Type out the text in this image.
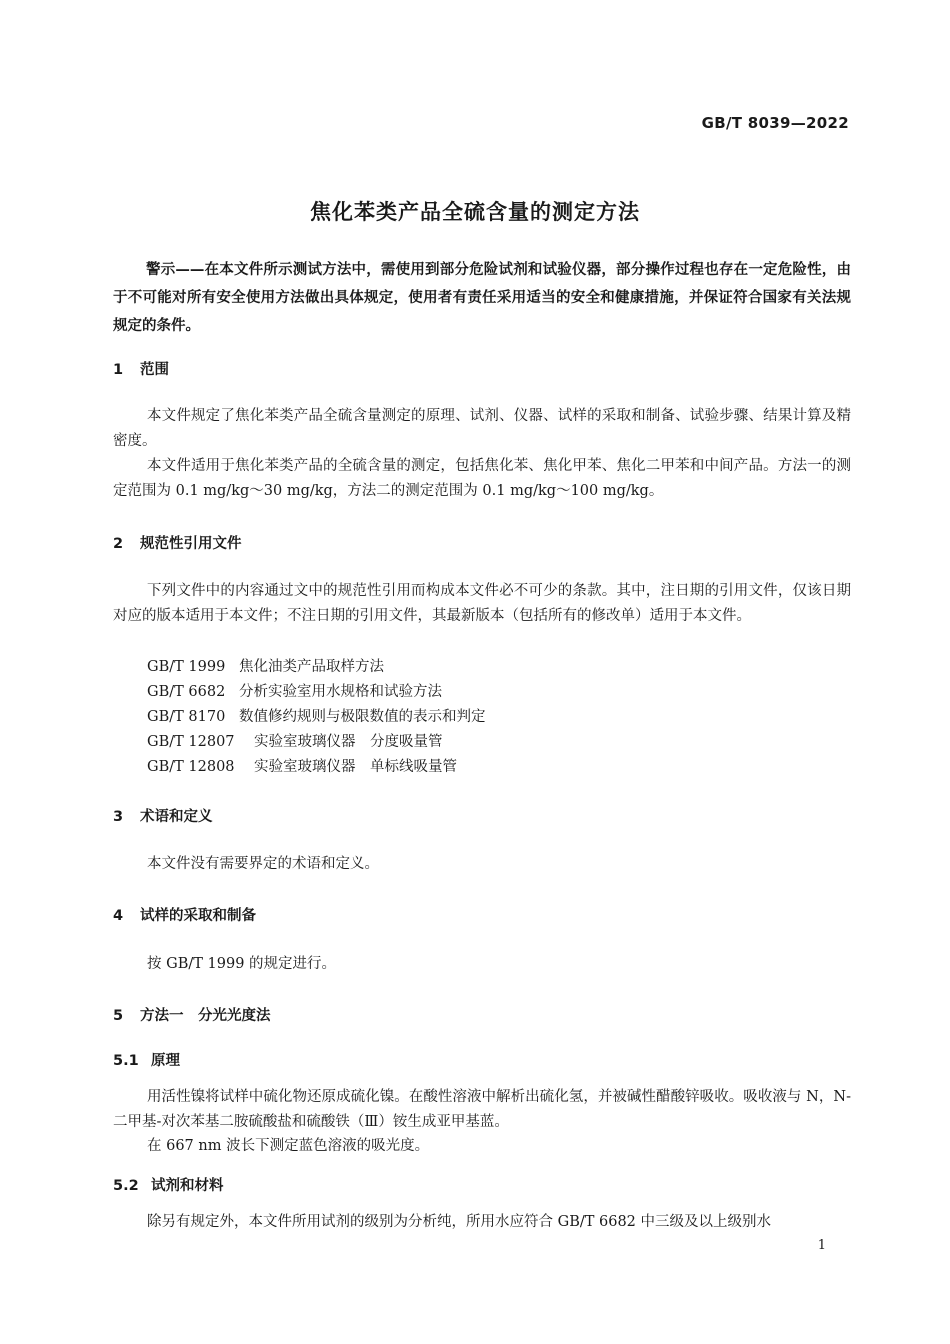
GB/T 8039—2022
焦化苯类产品全硫含量的测定方法
警示——在本文件所示测试方法中，需使用到部分危险试剂和试验仪器，部分操作过程也存在一定危险性，由于不可能对所有安全使用方法做出具体规定，使用者有责任采用适当的安全和健康措施，并保证符合国家有关法规规定的条件。
1 范围
本文件规定了焦化苯类产品全硫含量测定的原理、试剂、仪器、试样的采取和制备、试验步骤、结果计算及精密度。
本文件适用于焦化苯类产品的全硫含量的测定，包括焦化苯、焦化甲苯、焦化二甲苯和中间产品。方法一的测定范围为 0.1 mg/kg～30 mg/kg，方法二的测定范围为 0.1 mg/kg～100 mg/kg。
2 规范性引用文件
下列文件中的内容通过文中的规范性引用而构成本文件必不可少的条款。其中，注日期的引用文件，仅该日期对应的版本适用于本文件；不注日期的引用文件，其最新版本（包括所有的修改单）适用于本文件。
GB/T 1999 焦化油类产品取样方法
GB/T 6682 分析实验室用水规格和试验方法
GB/T 8170 数值修约规则与极限数值的表示和判定
GB/T 12807 实验室玻璃仪器　分度吸量管
GB/T 12808 实验室玻璃仪器　单标线吸量管
3 术语和定义
本文件没有需要界定的术语和定义。
4 试样的采取和制备
按 GB/T 1999 的规定进行。
5 方法一　分光光度法
5.1 原理
用活性镍将试样中硫化物还原成硫化镍。在酸性溶液中解析出硫化氢，并被碱性醋酸锌吸收。吸收液与 N，N-二甲基-对次苯基二胺硫酸盐和硫酸铁（Ⅲ）铵生成亚甲基蓝。
在 667 nm 波长下测定蓝色溶液的吸光度。
5.2 试剂和材料
除另有规定外，本文件所用试剂的级别为分析纯，所用水应符合 GB/T 6682 中三级及以上级别水
1
